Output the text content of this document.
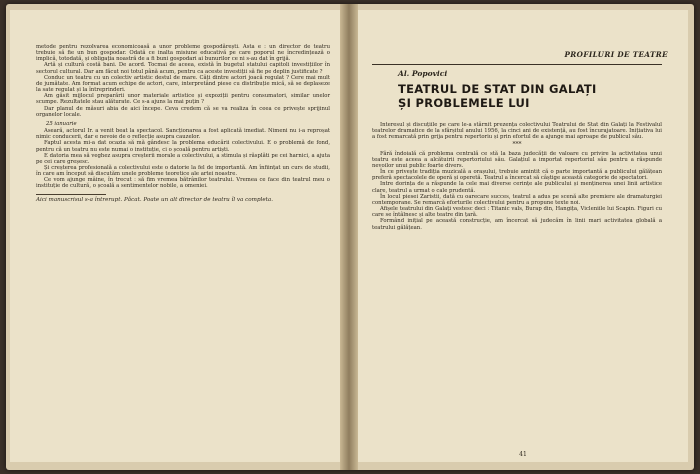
metode pentru rezolvarea economicoasă a unor probleme gospodărești. Asta e : un director de teatru trebuie să fie un bun gospodar. Odată ce inalta misiune educativă pe care poporul ne încredințează o implică, totodată, și obligația noastră de a fi buni gospodari ai bunurilor ce ni s-au dat în grijă.

Artă și cultură costă bani. De acord. Tocmai de aceea, există în bugetul statului capitoli investițiilor în sectorul cultural. Dar am făcut noi totul până acum, pentru ca aceste investiții să fie pe deplin justificate ?

Conduc un teatru cu un colectiv artistic destul de mare. Câți dintre actori joacă regulat ? Cere mai mult de jumătate. Am format acum echipe de actori, care, interpretând piese cu distribuție mică, să se deplaseze la sate regulat și la întreprinderi.

Am găsit mijlocul preparării unor materiale artistice și expoziții pentru consumatori, similar unelor scumpe. Rezultatele stau alăturate. Ce s-a ajuns la mai puțin ?

Dar planul de măsuri abia de aici începe. Ceva credem că se va realiza în ceea ce privește sprijinul organelor locale.

25 ianuarie

Aseară, actorul Ir. a venit beat la spectacol. Sancționarea a fost aplicată imediat. Nimeni nu i-a reproșat nimic conducerii, dar e nevoie de o reflecție asupra cauzelor.

Faptul acesta mi-a dat ocazia să mă gândesc la problema educării colectivului. E o problemă de fond, pentru că un teatru nu este numai o instituție, ci o școală pentru artiști.

E datoria mea să veghez asupra creșterii morale a colectivului, a stimula și răsplăti pe cei harnici, a ajuta pe cei care greșesc.

Și creșterea profesională a colectivului este o datorie la fel de importantă. Am înființat un curs de studii, în care am început să discutăm unele probleme teoretice ale artei noastre.

Ce vom ajunge mâine, în trecut : să fim vremea bătrânilor teatrului. Vremea ce face din teatrul meu o instituție de cultură, o școală a sentimentelor nobile, a omeniei.

Aici manuscrisul s-a întrerupt. Păcat. Poate un alt director de teatru îl va completa.
PROFILURI DE TEATRE
Al. Popovici
TEATRUL DE STAT DIN GALAȚI
ȘI PROBLEMELE LUI

Interesul și discuțiile pe care le-a stârnit prezența colectivului Teatrului de Stat din Galați la Festivalul teatrelor dramatice de la sfârșitul anului 1956, la cinci ani de existență, au fost încurajatoare. Inițiativa lui a fost remarcată prin grija pentru repertoriu și prin efortul de a ajunge mai aproape de publicul său.

***

Fără îndoială că problema centrală ce stă la baza judecății de valoare cu privire la activitatea unui teatru este aceea a alcătuirii repertoriului său. Galațiul a importat repertoriul său pentru a răspunde nevoilor unui public foarte divers.

În ce privește tradiția muzicală a orașului, trebuie amintit că o parte importantă a publicului gălățean preferă spectacolele de operă și operetă. Teatrul a încercat să câștige această categorie de spectatori.

Intre dorința de a răspunde la cele mai diverse cerințe ale publicului și menținerea unei linii artistice clare, teatrul a urmat o cale prudentă.

În locul piesei Zaristii, dată cu oarecare succes, teatrul a adus pe scenă alte premiere ale dramaturgiei contemporane. Se remarcă eforturile colectivului pentru a propune texte noi.

Afișele teatrului din Galați vestesc deci : Titanic vals, Burap din, Hangița, Vicleniile lui Scapin. Figuri cu care se întâlnesc și alte teatre din țară.

Formând inițial pe această construcție, am încercat să judecăm în linii mari activitatea globală a teatrului gălățean.

41
